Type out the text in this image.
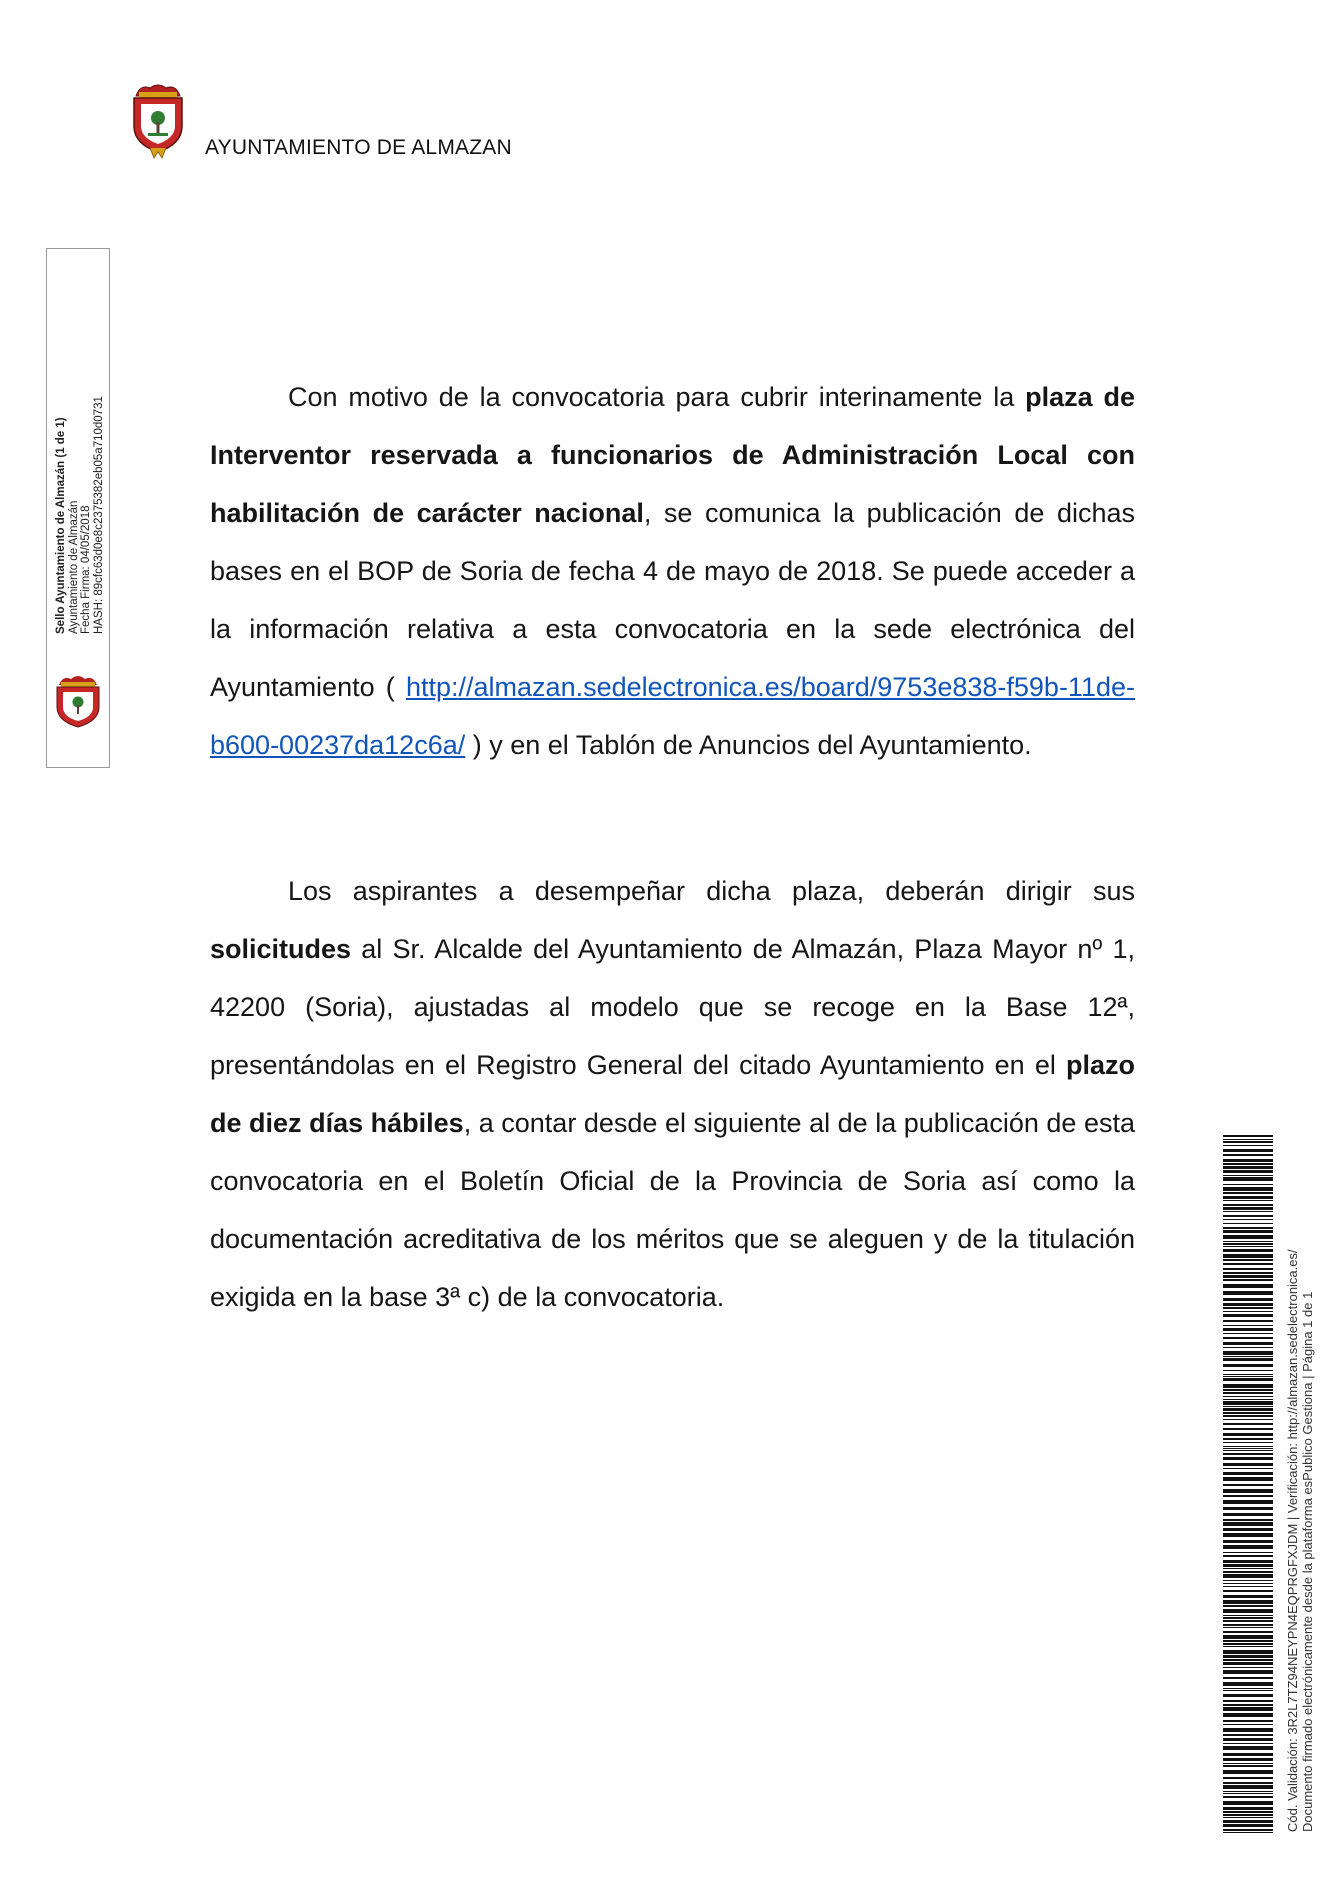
AYUNTAMIENTO DE ALMAZAN
Sello Ayuntamiento de Almazán (1 de 1) Ayuntamiento de Almazán Fecha Firma: 04/05/2018 HASH: 89cfc63d0e8c2375382eb05a710d0731	Con motivo de la convocatoria para cubrir interinamente la plaza de Interventor reservada a funcionarios de Administración Local con habilitación de carácter nacional, se comunica la publicación de dichas bases en el BOP de Soria de fecha 4 de mayo de 2018. Se puede acceder a la información relativa a esta convocatoria en la sede electrónica del Ayuntamiento ( http://almazan.sedelectronica.es/board/9753e838-f59b-11de-b600-00237da12c6a/ ) y en el Tablón de Anuncios del Ayuntamiento.

Los aspirantes a desempeñar dicha plaza, deberán dirigir sus solicitudes al Sr. Alcalde del Ayuntamiento de Almazán, Plaza Mayor nº 1, 42200 (Soria), ajustadas al modelo que se recoge en la Base 12ª, presentándolas en el Registro General del citado Ayuntamiento en el plazo de diez días hábiles, a contar desde el siguiente al de la publicación de esta convocatoria en el Boletín Oficial de la Provincia de Soria así como la documentación acreditativa de los méritos que se aleguen y de la titulación exigida en la base 3ª c) de la convocatoria.	Cód. Validación: 3R2L7TZ94NEYPN4EQPRGFXJDM | Verificación: http://almazan.sedelectronica.es/ Documento firmado electrónicamente desde la plataforma esPublico Gestiona | Página 1 de 1
